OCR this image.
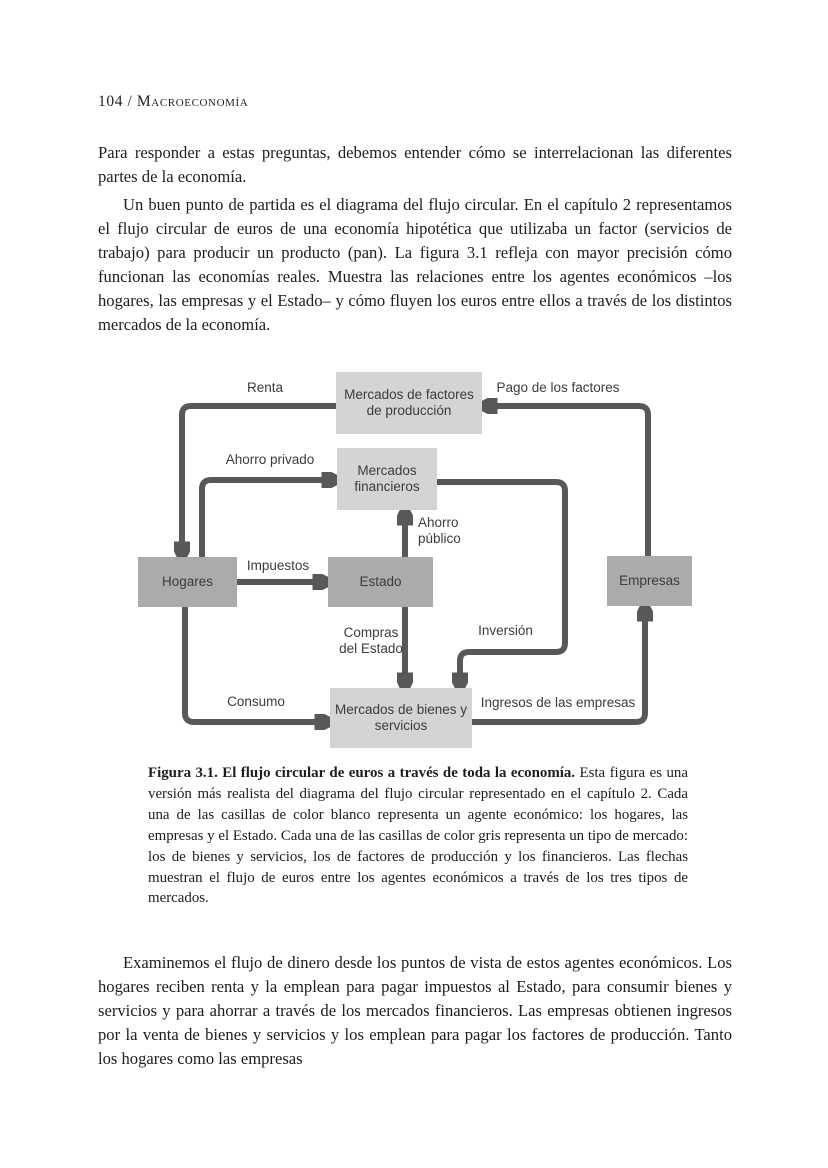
104 / Macroeconomía

Para responder a estas preguntas, debemos entender cómo se interrelacionan las diferentes partes de la economía.

Un buen punto de partida es el diagrama del flujo circular. En el capítulo 2 representamos el flujo circular de euros de una economía hipotética que utilizaba un factor (servicios de trabajo) para producir un producto (pan). La figura 3.1 refleja con mayor precisión cómo funcionan las economías reales. Muestra las relaciones entre los agentes económicos –los hogares, las empresas y el Estado– y cómo fluyen los euros entre ellos a través de los distintos mercados de la economía.

Mercados de factores de producción
Mercados financieros
Hogares	Estado	Empresas
Mercados de bienes y servicios
Renta	Pago de los factores
Ahorro privado
Ahorro público
Impuestos
Inversión
Compras del Estado
Consumo	Ingresos de las empresas

Figura 3.1. El flujo circular de euros a través de toda la economía. Esta figura es una versión más realista del diagrama del flujo circular representado en el capítulo 2. Cada una de las casillas de color blanco representa un agente económico: los hogares, las empresas y el Estado. Cada una de las casillas de color gris representa un tipo de mercado: los de bienes y servicios, los de factores de producción y los financieros. Las flechas muestran el flujo de euros entre los agentes económicos a través de los tres tipos de mercados.

Examinemos el flujo de dinero desde los puntos de vista de estos agentes económicos. Los hogares reciben renta y la emplean para pagar impuestos al Estado, para consumir bienes y servicios y para ahorrar a través de los mercados financieros. Las empresas obtienen ingresos por la venta de bienes y servicios y los emplean para pagar los factores de producción. Tanto los hogares como las empresas
